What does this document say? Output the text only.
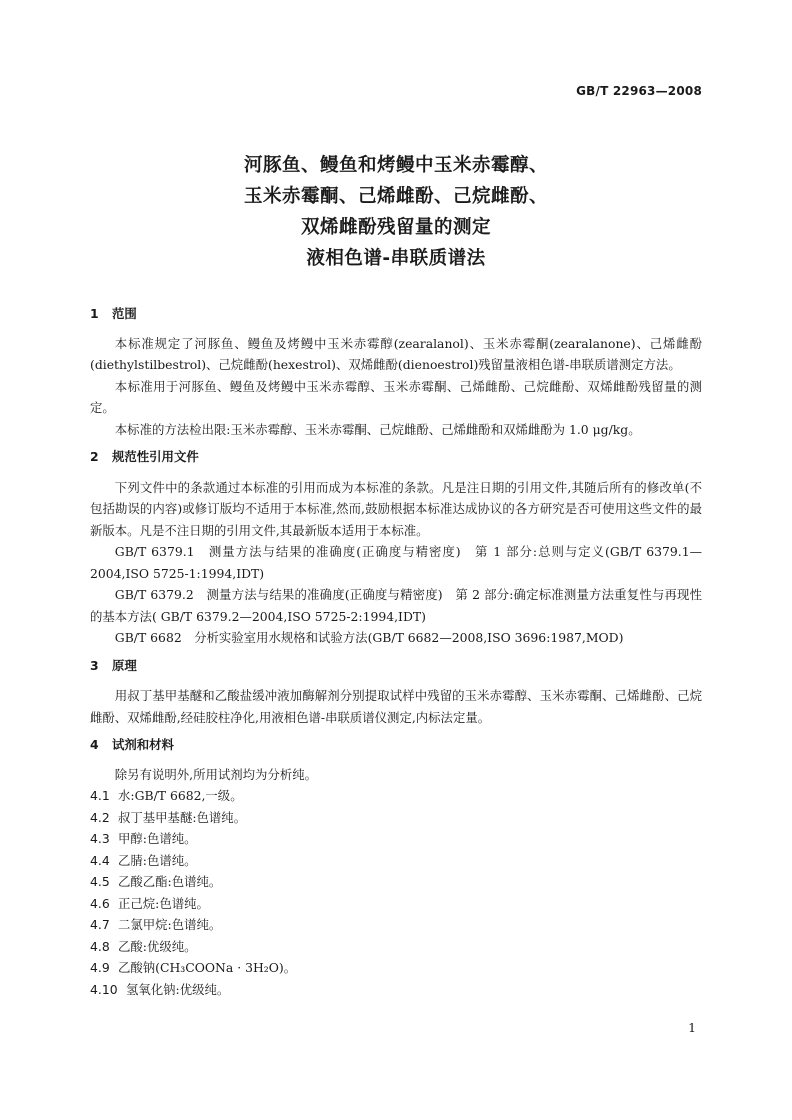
GB/T 22963—2008
河豚鱼、鳗鱼和烤鳗中玉米赤霉醇、
玉米赤霉酮、己烯雌酚、己烷雌酚、
双烯雌酚残留量的测定
液相色谱-串联质谱法
1 范围

本标准规定了河豚鱼、鳗鱼及烤鳗中玉米赤霉醇(zearalanol)、玉米赤霉酮(zearalanone)、己烯雌酚(diethylstilbestrol)、己烷雌酚(hexestrol)、双烯雌酚(dienoestrol)残留量液相色谱-串联质谱测定方法。

本标准用于河豚鱼、鳗鱼及烤鳗中玉米赤霉醇、玉米赤霉酮、己烯雌酚、己烷雌酚、双烯雌酚残留量的测定。

本标准的方法检出限:玉米赤霉醇、玉米赤霉酮、己烷雌酚、己烯雌酚和双烯雌酚为 1.0 μg/kg。

2 规范性引用文件

下列文件中的条款通过本标准的引用而成为本标准的条款。凡是注日期的引用文件,其随后所有的修改单(不包括勘误的内容)或修订版均不适用于本标准,然而,鼓励根据本标准达成协议的各方研究是否可使用这些文件的最新版本。凡是不注日期的引用文件,其最新版本适用于本标准。

GB/T 6379.1　测量方法与结果的准确度(正确度与精密度)　第 1 部分:总则与定义(GB/T 6379.1—2004,ISO 5725-1:1994,IDT)

GB/T 6379.2　测量方法与结果的准确度(正确度与精密度)　第 2 部分:确定标准测量方法重复性与再现性的基本方法( GB/T 6379.2—2004,ISO 5725-2:1994,IDT)

GB/T 6682　分析实验室用水规格和试验方法(GB/T 6682—2008,ISO 3696:1987,MOD)

3 原理

用叔丁基甲基醚和乙酸盐缓冲液加酶解剂分别提取试样中残留的玉米赤霉醇、玉米赤霉酮、己烯雌酚、己烷雌酚、双烯雌酚,经硅胶柱净化,用液相色谱-串联质谱仪测定,内标法定量。

4 试剂和材料

除另有说明外,所用试剂均为分析纯。

4.1 水:GB/T 6682,一级。
4.2 叔丁基甲基醚:色谱纯。
4.3 甲醇:色谱纯。
4.4 乙腈:色谱纯。
4.5 乙酸乙酯:色谱纯。
4.6 正己烷:色谱纯。
4.7 二氯甲烷:色谱纯。
4.8 乙酸:优级纯。
4.9 乙酸钠(CH₃COONa · 3H₂O)。
4.10 氢氧化钠:优级纯。
1
